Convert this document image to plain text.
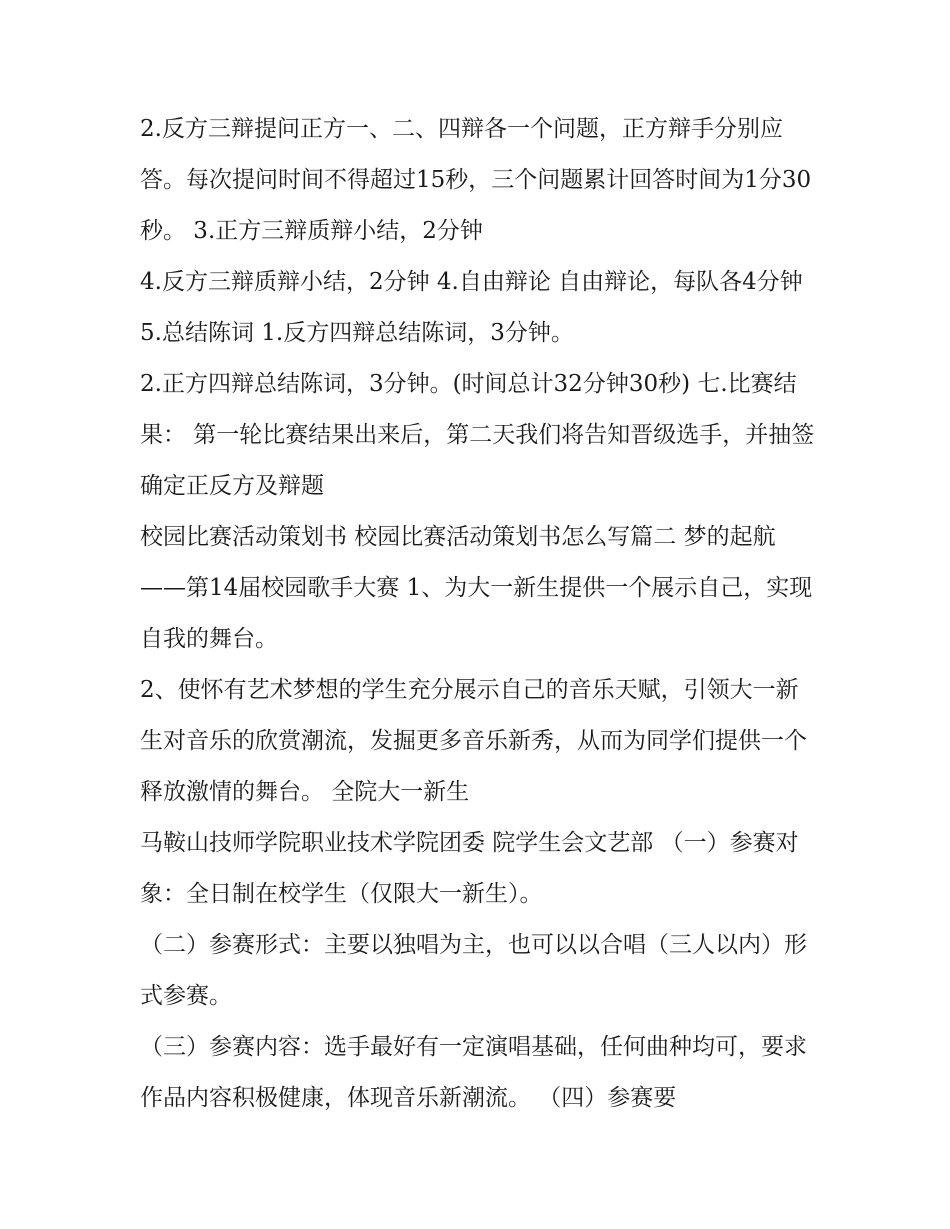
2.反方三辩提问正方一、二、四辩各一个问题，正方辩手分别应答。每次提问时间不得超过15秒，三个问题累计回答时间为1分30秒。 3.正方三辩质辩小结，2分钟

4.反方三辩质辩小结，2分钟 4.自由辩论 自由辩论，每队各4分钟 5.总结陈词 1.反方四辩总结陈词，3分钟。

2.正方四辩总结陈词，3分钟。(时间总计32分钟30秒) 七.比赛结果： 第一轮比赛结果出来后，第二天我们将告知晋级选手，并抽签确定正反方及辩题

校园比赛活动策划书 校园比赛活动策划书怎么写篇二 梦的起航——第14届校园歌手大赛 1、为大一新生提供一个展示自己，实现自我的舞台。

2、使怀有艺术梦想的学生充分展示自己的音乐天赋，引领大一新生对音乐的欣赏潮流，发掘更多音乐新秀，从而为同学们提供一个释放激情的舞台。 全院大一新生

马鞍山技师学院职业技术学院团委 院学生会文艺部 （一）参赛对象：全日制在校学生（仅限大一新生）。

（二）参赛形式：主要以独唱为主，也可以以合唱（三人以内）形式参赛。

（三）参赛内容：选手最好有一定演唱基础，任何曲种均可，要求作品内容积极健康，体现音乐新潮流。 （四）参赛要
